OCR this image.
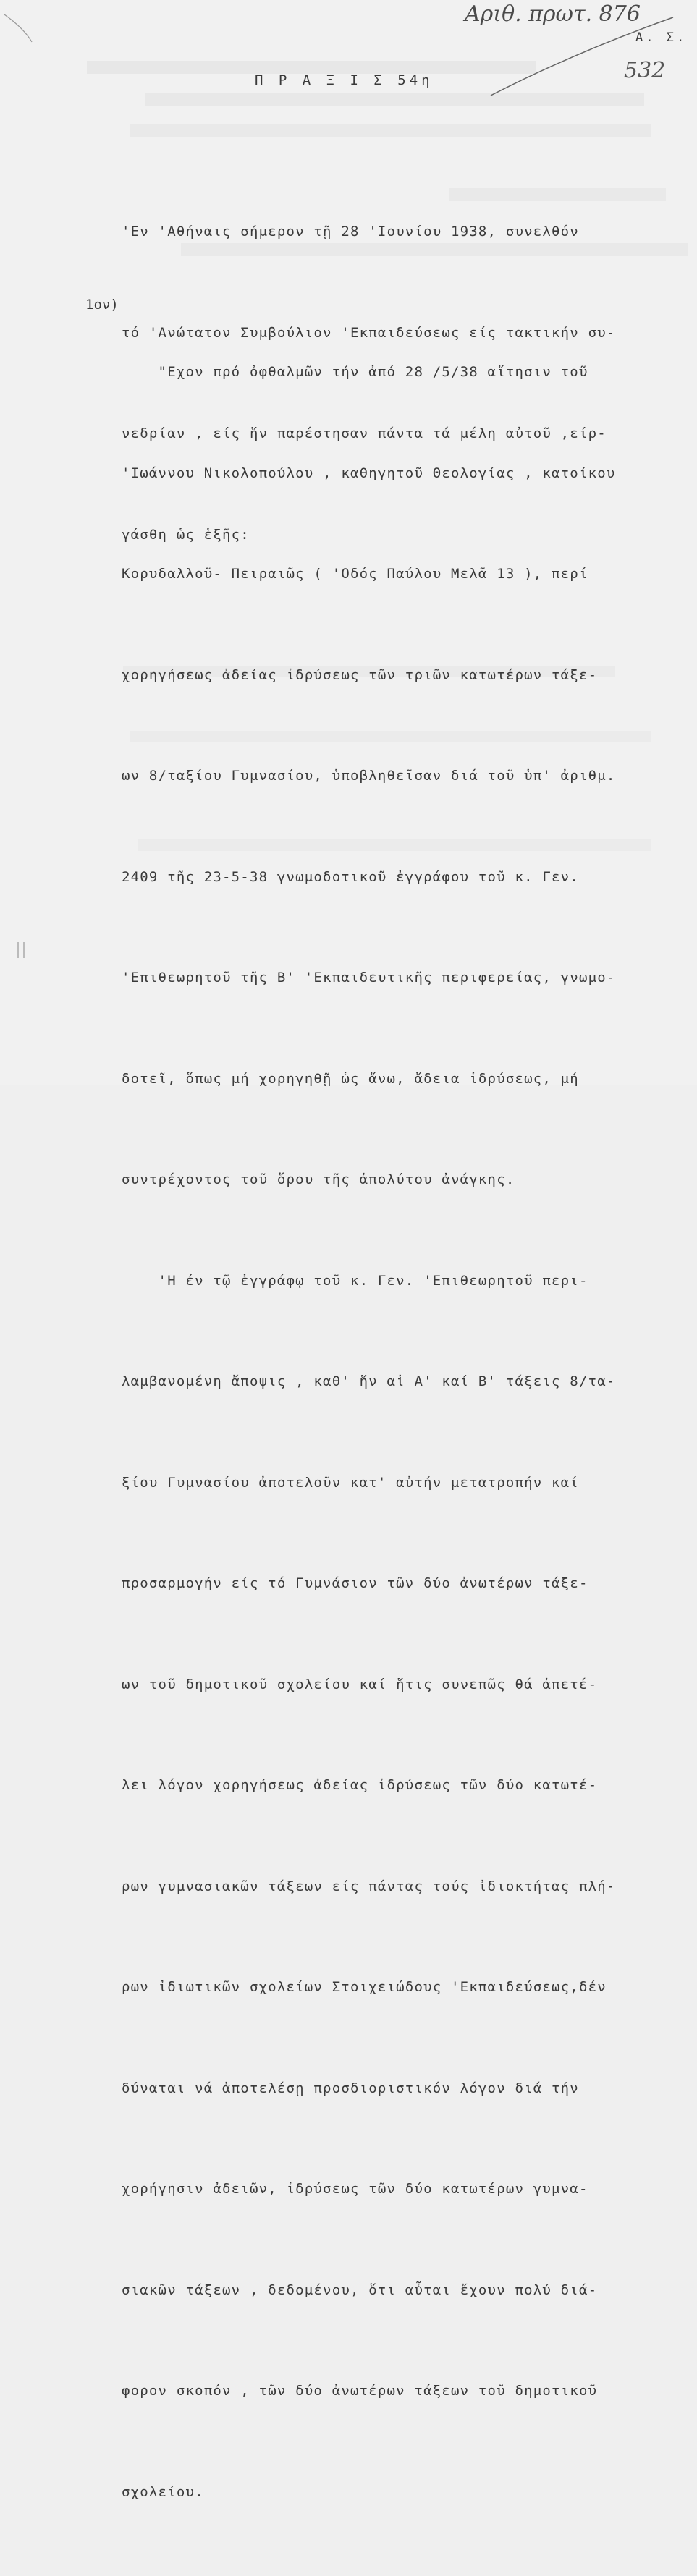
Αριθ. πρωτ. 876
Α. Σ.
532
Π Ρ Α Ξ Ι Σ 54η

'Εν 'Αθήναις σήμερον τῇ 28 'Ιουνίου 1938, συνελθόν

τό 'Ανώτατον Συμβούλιον 'Εκπαιδεύσεως είς τακτικήν συ-

νεδρίαν , είς ἥν παρέστησαν πάντα τά μέλη αὐτοῦ ,είρ-

γάσθη ὡς ἑξῆς:

1ον)

"Εχον πρό ὀφθαλμῶν τήν ἀπό 28 /5/38 αἴτησιν τοῦ

'Ιωάννου Νικολοπούλου , καθηγητοῦ Θεολογίας , κατοίκου

Κορυδαλλοῦ- Πειραιῶς ( 'Οδός Παύλου Μελᾶ 13 ), περί

χορηγήσεως ἀδείας ἱδρύσεως τῶν τριῶν κατωτέρων τάξε-

ων 8/ταξίου Γυμνασίου, ὑποβληθεῖσαν διά τοῦ ὑπ' ἀριθμ.

2409 τῆς 23-5-38 γνωμοδοτικοῦ ἐγγράφου τοῦ κ. Γεν.

'Επιθεωρητοῦ τῆς Β' 'Εκπαιδευτικῆς περιφερείας, γνωμο-

δοτεῖ, ὅπως μή χορηγηθῇ ὡς ἄνω, ἄδεια ἱδρύσεως, μή

συντρέχοντος τοῦ ὅρου τῆς ἀπολύτου ἀνάγκης.

'Η έν τῷ ἐγγράφῳ τοῦ κ. Γεν. 'Επιθεωρητοῦ περι-

λαμβανομένη ἄποψις , καθ' ἥν αἱ Α' καί Β' τάξεις 8/τα-

ξίου Γυμνασίου ἀποτελοῦν κατ' αὐτήν μετατροπήν καί

προσαρμογήν είς τό Γυμνάσιον τῶν δύο ἀνωτέρων τάξε-

ων τοῦ δημοτικοῦ σχολείου καί ἥτις συνεπῶς θά ἀπετέ-

λει λόγον χορηγήσεως ἀδείας ἱδρύσεως τῶν δύο κατωτέ-

ρων γυμνασιακῶν τάξεων είς πάντας τούς ἰδιοκτήτας πλή-

ρων ἰδιωτικῶν σχολείων Στοιχειώδους 'Εκπαιδεύσεως,δέν

δύναται νά ἀποτελέσῃ προσδιοριστικόν λόγον διά τήν

χορήγησιν ἀδειῶν, ἱδρύσεως τῶν δύο κατωτέρων γυμνα-

σιακῶν τάξεων , δεδομένου, ὅτι αὗται ἔχουν πολύ διά-

φορον σκοπόν , τῶν δύο ἀνωτέρων τάξεων τοῦ δημοτικοῦ

σχολείου.
